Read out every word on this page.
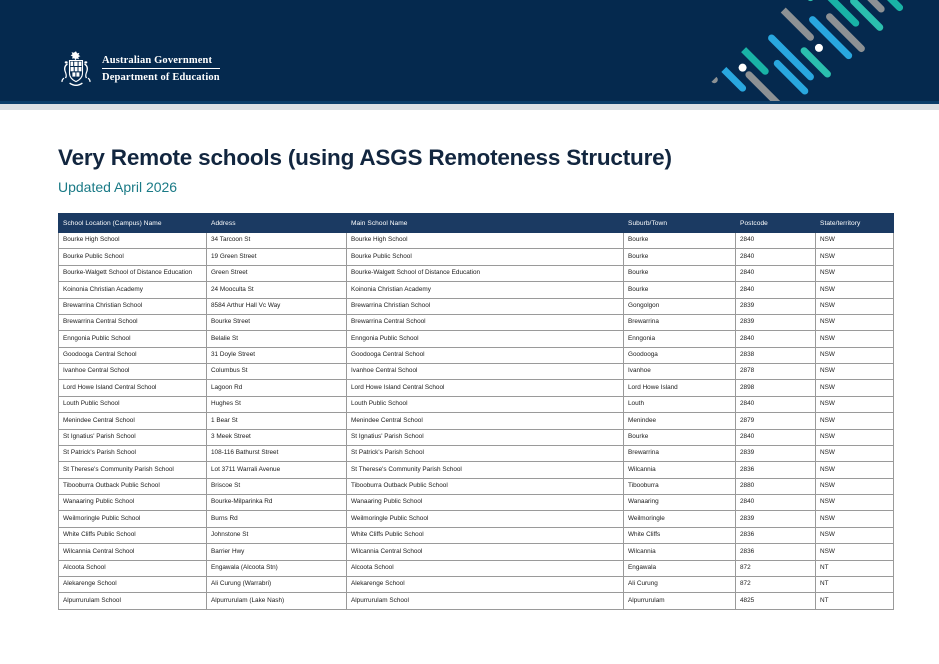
Australian Government
Department of Education
Very Remote schools (using ASGS Remoteness Structure)

Updated April 2026

School Location (Campus) Name	Address	Main School Name	Suburb/Town	Postcode	State/territory
Bourke High School	34 Tarcoon St	Bourke High School	Bourke	2840	NSW
Bourke Public School	19 Green Street	Bourke Public School	Bourke	2840	NSW
Bourke-Walgett School of Distance Education	Green Street	Bourke-Walgett School of Distance Education	Bourke	2840	NSW
Koinonia Christian Academy	24 Mooculta St	Koinonia Christian Academy	Bourke	2840	NSW
Brewarrina Christian School	8584 Arthur Hall Vc Way	Brewarrina Christian School	Gongolgon	2839	NSW
Brewarrina Central School	Bourke Street	Brewarrina Central School	Brewarrina	2839	NSW
Enngonia Public School	Belalie St	Enngonia Public School	Enngonia	2840	NSW
Goodooga Central School	31 Doyle Street	Goodooga Central School	Goodooga	2838	NSW
Ivanhoe Central School	Columbus St	Ivanhoe Central School	Ivanhoe	2878	NSW
Lord Howe Island Central School	Lagoon Rd	Lord Howe Island Central School	Lord Howe Island	2898	NSW
Louth Public School	Hughes St	Louth Public School	Louth	2840	NSW
Menindee Central School	1 Bear St	Menindee Central School	Menindee	2879	NSW
St Ignatius' Parish School	3 Meek Street	St Ignatius' Parish School	Bourke	2840	NSW
St Patrick's Parish School	108-116 Bathurst Street	St Patrick's Parish School	Brewarrina	2839	NSW
St Therese's Community Parish School	Lot 3711 Warrali Avenue	St Therese's Community Parish School	Wilcannia	2836	NSW
Tibooburra Outback Public School	Briscoe St	Tibooburra Outback Public School	Tibooburra	2880	NSW
Wanaaring Public School	Bourke-Milparinka Rd	Wanaaring Public School	Wanaaring	2840	NSW
Weilmoringle Public School	Burns Rd	Weilmoringle Public School	Weilmoringle	2839	NSW
White Cliffs Public School	Johnstone St	White Cliffs Public School	White Cliffs	2836	NSW
Wilcannia Central School	Barrier Hwy	Wilcannia Central School	Wilcannia	2836	NSW
Alcoota School	Engawala (Alcoota Stn)	Alcoota School	Engawala	872	NT
Alekarenge School	Ali Curung (Warrabri)	Alekarenge School	Ali Curung	872	NT
Alpurrurulam School	Alpurrurulam (Lake Nash)	Alpurrurulam School	Alpurrurulam	4825	NT
